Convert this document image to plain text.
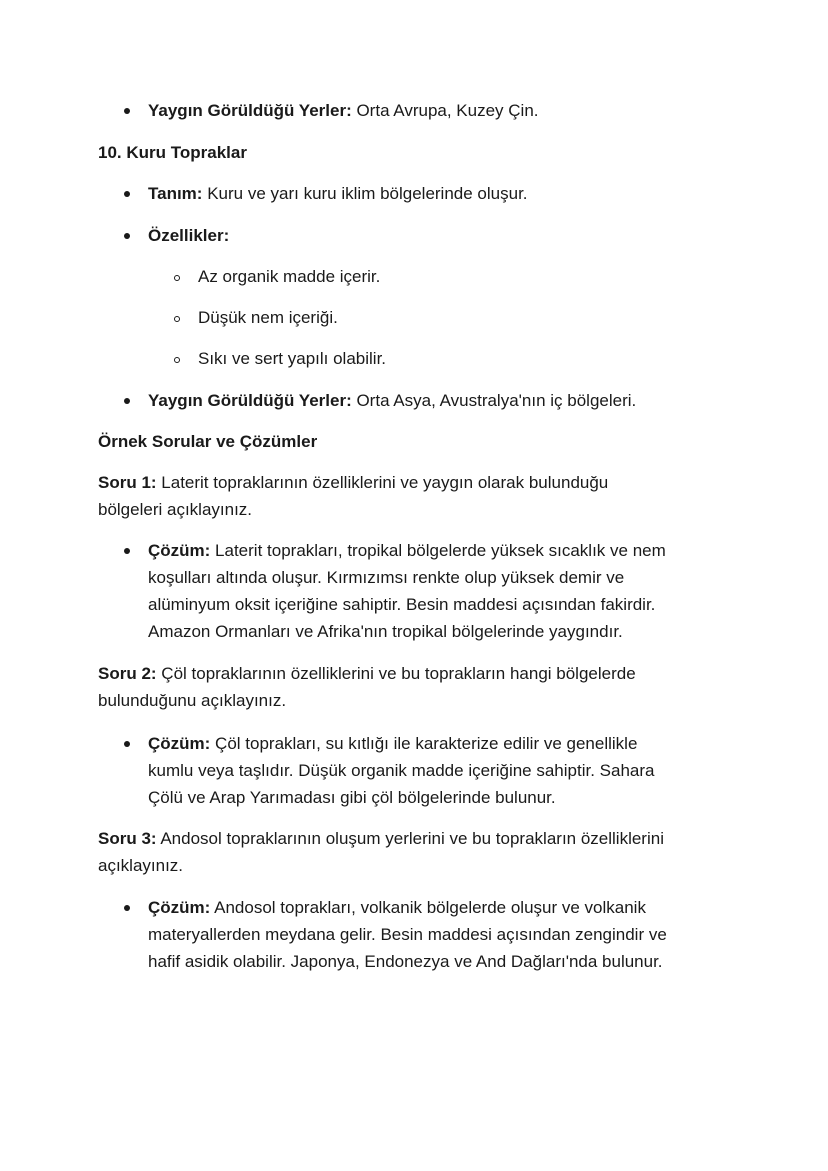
Yaygın Görüldüğü Yerler: Orta Avrupa, Kuzey Çin.
10. Kuru Topraklar
Tanım: Kuru ve yarı kuru iklim bölgelerinde oluşur.
Özellikler:
Az organik madde içerir.
Düşük nem içeriği.
Sıkı ve sert yapılı olabilir.
Yaygın Görüldüğü Yerler: Orta Asya, Avustralya'nın iç bölgeleri.
Örnek Sorular ve Çözümler
Soru 1: Laterit topraklarının özelliklerini ve yaygın olarak bulunduğu
bölgeleri açıklayınız.
Çözüm: Laterit toprakları, tropikal bölgelerde yüksek sıcaklık ve nem
koşulları altında oluşur. Kırmızımsı renkte olup yüksek demir ve
alüminyum oksit içeriğine sahiptir. Besin maddesi açısından fakirdir.
Amazon Ormanları ve Afrika'nın tropikal bölgelerinde yaygındır.
Soru 2: Çöl topraklarının özelliklerini ve bu toprakların hangi bölgelerde
bulunduğunu açıklayınız.
Çözüm: Çöl toprakları, su kıtlığı ile karakterize edilir ve genellikle
kumlu veya taşlıdır. Düşük organik madde içeriğine sahiptir. Sahara
Çölü ve Arap Yarımadası gibi çöl bölgelerinde bulunur.
Soru 3: Andosol topraklarının oluşum yerlerini ve bu toprakların özelliklerini
açıklayınız.
Çözüm: Andosol toprakları, volkanik bölgelerde oluşur ve volkanik
materyallerden meydana gelir. Besin maddesi açısından zengindir ve
hafif asidik olabilir. Japonya, Endonezya ve And Dağları'nda bulunur.
